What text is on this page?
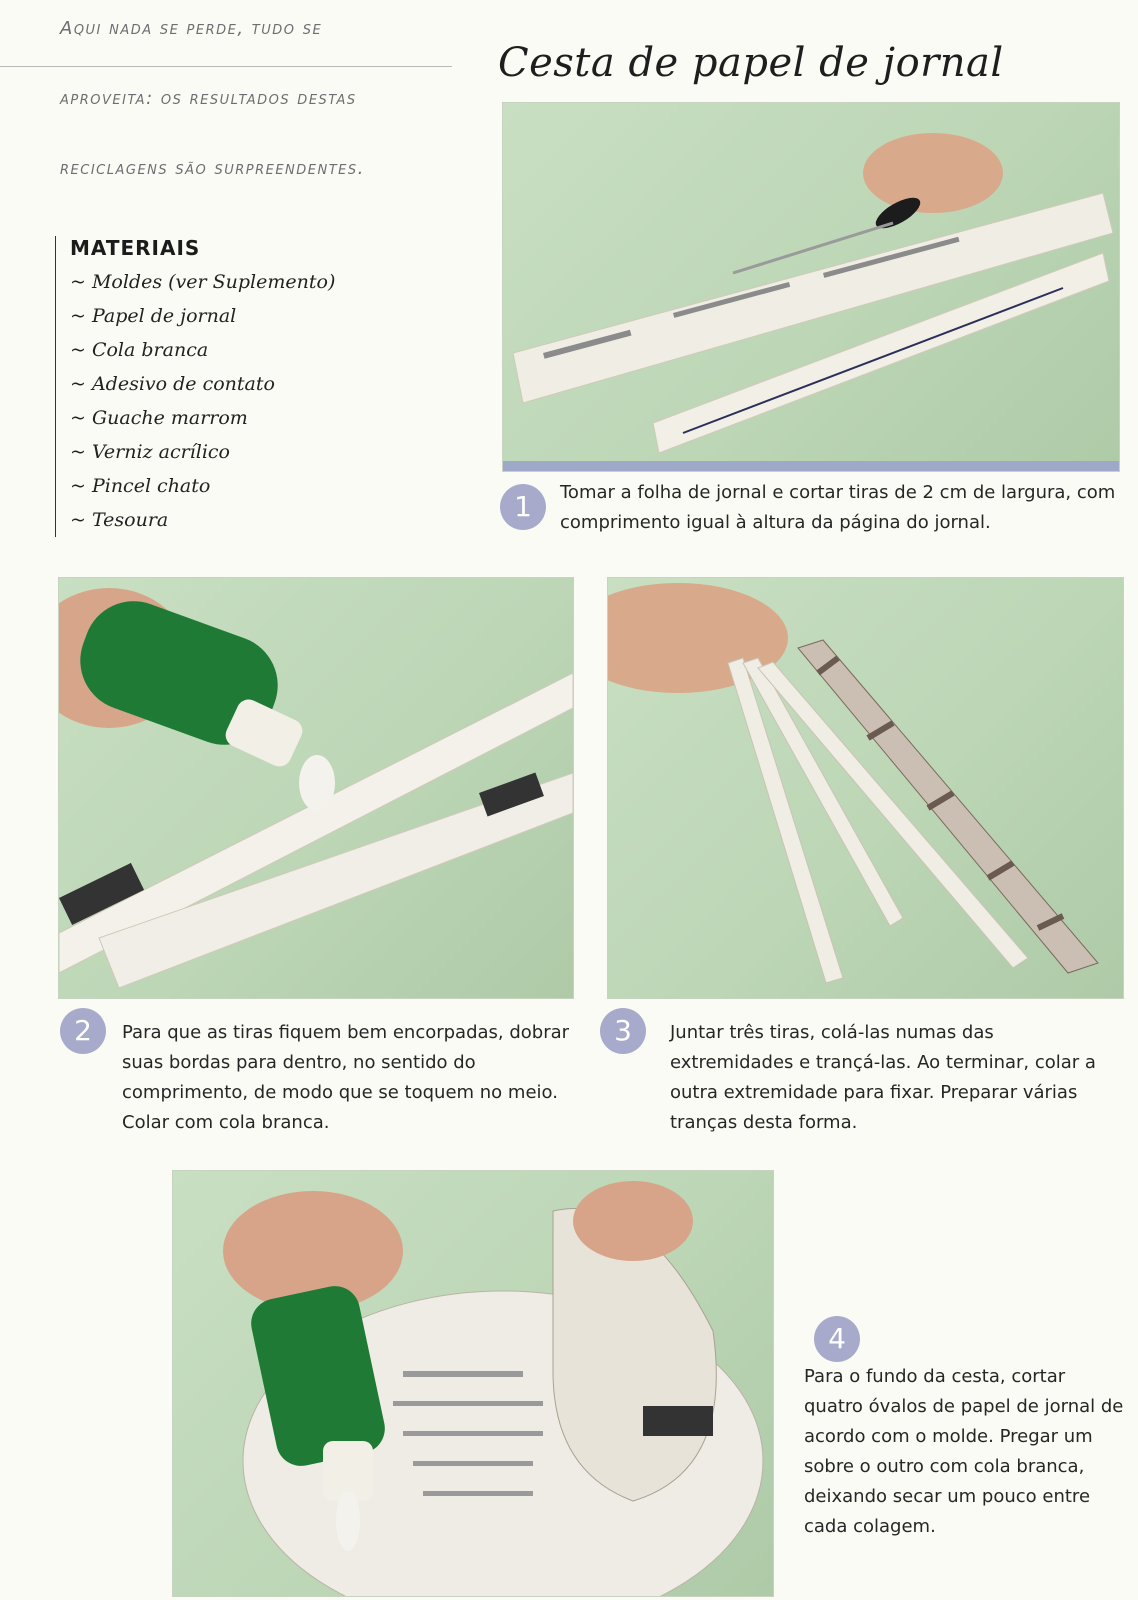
Aqui nada se perde, tudo se
aproveita: os resultados destas
reciclagens são surpreendentes.
Cesta de papel de jornal
MATERIAIS
~ Moldes (ver Suplemento)
~ Papel de jornal
~ Cola branca
~ Adesivo de contato
~ Guache marrom
~ Verniz acrílico
~ Pincel chato
~ Tesoura	1	Tomar a folha de jornal e cortar tiras de 2 cm de largura, com comprimento igual à altura da página do jornal.
2	Para que as tiras fiquem bem encorpadas, dobrar suas bordas para dentro, no sentido do comprimento, de modo que se toquem no meio. Colar com cola branca.
3	Juntar três tiras, colá-las numas das extremidades e trançá-las. Ao terminar, colar a outra extremidade para fixar. Preparar várias tranças desta forma.
4
Para o fundo da cesta, cortar quatro óvalos de papel de jornal de acordo com o molde. Pregar um sobre o outro com cola branca, deixando secar um pouco entre cada colagem.
